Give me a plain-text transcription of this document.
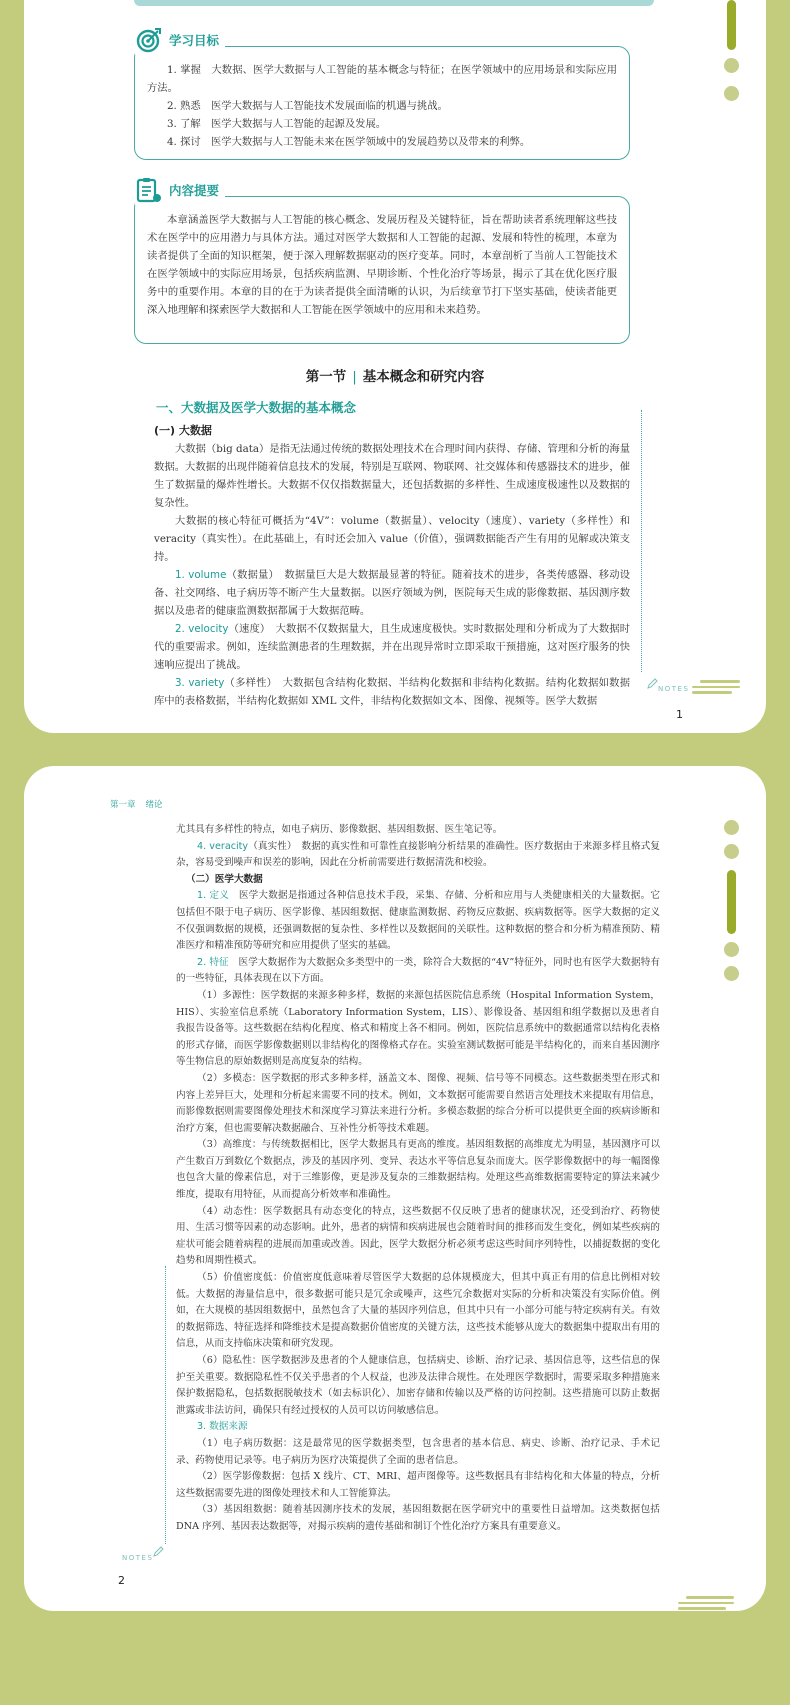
学习目标

1. 掌握　大数据、医学大数据与人工智能的基本概念与特征；在医学领域中的应用场景和实际应用方法。

2. 熟悉　医学大数据与人工智能技术发展面临的机遇与挑战。

3. 了解　医学大数据与人工智能的起源及发展。

4. 探讨　医学大数据与人工智能未来在医学领域中的发展趋势以及带来的利弊。

内容提要

本章涵盖医学大数据与人工智能的核心概念、发展历程及关键特征，旨在帮助读者系统理解这些技术在医学中的应用潜力与具体方法。通过对医学大数据和人工智能的起源、发展和特性的梳理，本章为读者提供了全面的知识框架，便于深入理解数据驱动的医疗变革。同时，本章剖析了当前人工智能技术在医学领域中的实际应用场景，包括疾病监测、早期诊断、个性化治疗等场景，揭示了其在优化医疗服务中的重要作用。本章的目的在于为读者提供全面清晰的认识，为后续章节打下坚实基础，使读者能更深入地理解和探索医学大数据和人工智能在医学领域中的应用和未来趋势。

第一节 | 基本概念和研究内容
一、大数据及医学大数据的基本概念
(一) 大数据

大数据（big data）是指无法通过传统的数据处理技术在合理时间内获得、存储、管理和分析的海量数据。大数据的出现伴随着信息技术的发展，特别是互联网、物联网、社交媒体和传感器技术的进步，催生了数据量的爆炸性增长。大数据不仅仅指数据量大，还包括数据的多样性、生成速度极速性以及数据的复杂性。

大数据的核心特征可概括为“4V”：volume（数据量）、velocity（速度）、variety（多样性）和 veracity（真实性）。在此基础上，有时还会加入 value（价值），强调数据能否产生有用的见解或决策支持。

1. volume（数据量）　数据量巨大是大数据最显著的特征。随着技术的进步，各类传感器、移动设备、社交网络、电子病历等不断产生大量数据。以医疗领域为例，医院每天生成的影像数据、基因测序数据以及患者的健康监测数据都属于大数据范畴。

2. velocity（速度）　大数据不仅数据量大，且生成速度极快。实时数据处理和分析成为了大数据时代的重要需求。例如，连续监测患者的生理数据，并在出现异常时立即采取干预措施，这对医疗服务的快速响应提出了挑战。

3. variety（多样性）　大数据包含结构化数据、半结构化数据和非结构化数据。结构化数据如数据库中的表格数据，半结构化数据如 XML 文件，非结构化数据如文本、图像、视频等。医学大数据

NOTES
1
第一章 绪论

尤其具有多样性的特点，如电子病历、影像数据、基因组数据、医生笔记等。

4. veracity（真实性）　数据的真实性和可靠性直接影响分析结果的准确性。医疗数据由于来源多样且格式复杂，容易受到噪声和误差的影响，因此在分析前需要进行数据清洗和校验。

（二）医学大数据

1. 定义　医学大数据是指通过各种信息技术手段，采集、存储、分析和应用与人类健康相关的大量数据。它包括但不限于电子病历、医学影像、基因组数据、健康监测数据、药物反应数据、疾病数据等。医学大数据的定义不仅强调数据的规模，还强调数据的复杂性、多样性以及数据间的关联性。这种数据的整合和分析为精准预防、精准医疗和精准预防等研究和应用提供了坚实的基础。

2. 特征　医学大数据作为大数据众多类型中的一类，除符合大数据的“4V”特征外，同时也有医学大数据特有的一些特征，具体表现在以下方面。

（1）多源性：医学数据的来源多种多样，数据的来源包括医院信息系统（Hospital Information System，HIS）、实验室信息系统（Laboratory Information System，LIS）、影像设备、基因组和组学数据以及患者自我报告设备等。这些数据在结构化程度、格式和精度上各不相同。例如，医院信息系统中的数据通常以结构化表格的形式存储，而医学影像数据则以非结构化的图像格式存在。实验室测试数据可能是半结构化的，而来自基因测序等生物信息的原始数据则是高度复杂的结构。

（2）多模态：医学数据的形式多种多样，涵盖文本、图像、视频、信号等不同模态。这些数据类型在形式和内容上差异巨大，处理和分析起来需要不同的技术。例如，文本数据可能需要自然语言处理技术来提取有用信息，而影像数据则需要图像处理技术和深度学习算法来进行分析。多模态数据的综合分析可以提供更全面的疾病诊断和治疗方案，但也需要解决数据融合、互补性分析等技术难题。

（3）高维度：与传统数据相比，医学大数据具有更高的维度。基因组数据的高维度尤为明显，基因测序可以产生数百万到数亿个数据点，涉及的基因序列、变异、表达水平等信息复杂而庞大。医学影像数据中的每一幅图像也包含大量的像素信息，对于三维影像，更是涉及复杂的三维数据结构。处理这些高维数据需要特定的算法来减少维度，提取有用特征，从而提高分析效率和准确性。

（4）动态性：医学数据具有动态变化的特点，这些数据不仅反映了患者的健康状况，还受到治疗、药物使用、生活习惯等因素的动态影响。此外，患者的病情和疾病进展也会随着时间的推移而发生变化，例如某些疾病的症状可能会随着病程的进展而加重或改善。因此，医学大数据分析必须考虑这些时间序列特性，以捕捉数据的变化趋势和周期性模式。

（5）价值密度低：价值密度低意味着尽管医学大数据的总体规模庞大，但其中真正有用的信息比例相对较低。大数据的海量信息中，很多数据可能只是冗余或噪声，这些冗余数据对实际的分析和决策没有实际价值。例如，在大规模的基因组数据中，虽然包含了大量的基因序列信息，但其中只有一小部分可能与特定疾病有关。有效的数据筛选、特征选择和降维技术是提高数据价值密度的关键方法，这些技术能够从庞大的数据集中提取出有用的信息，从而支持临床决策和研究发现。

（6）隐私性：医学数据涉及患者的个人健康信息，包括病史、诊断、治疗记录、基因信息等，这些信息的保护至关重要。数据隐私性不仅关乎患者的个人权益，也涉及法律合规性。在处理医学数据时，需要采取多种措施来保护数据隐私，包括数据脱敏技术（如去标识化）、加密存储和传输以及严格的访问控制。这些措施可以防止数据泄露或非法访问，确保只有经过授权的人员可以访问敏感信息。

3. 数据来源

（1）电子病历数据：这是最常见的医学数据类型，包含患者的基本信息、病史、诊断、治疗记录、手术记录、药物使用记录等。电子病历为医疗决策提供了全面的患者信息。

（2）医学影像数据：包括 X 线片、CT、MRI、超声图像等。这些数据具有非结构化和大体量的特点，分析这些数据需要先进的图像处理技术和人工智能算法。

（3）基因组数据：随着基因测序技术的发展，基因组数据在医学研究中的重要性日益增加。这类数据包括 DNA 序列、基因表达数据等，对揭示疾病的遗传基础和制订个性化治疗方案具有重要意义。

NOTES
2
